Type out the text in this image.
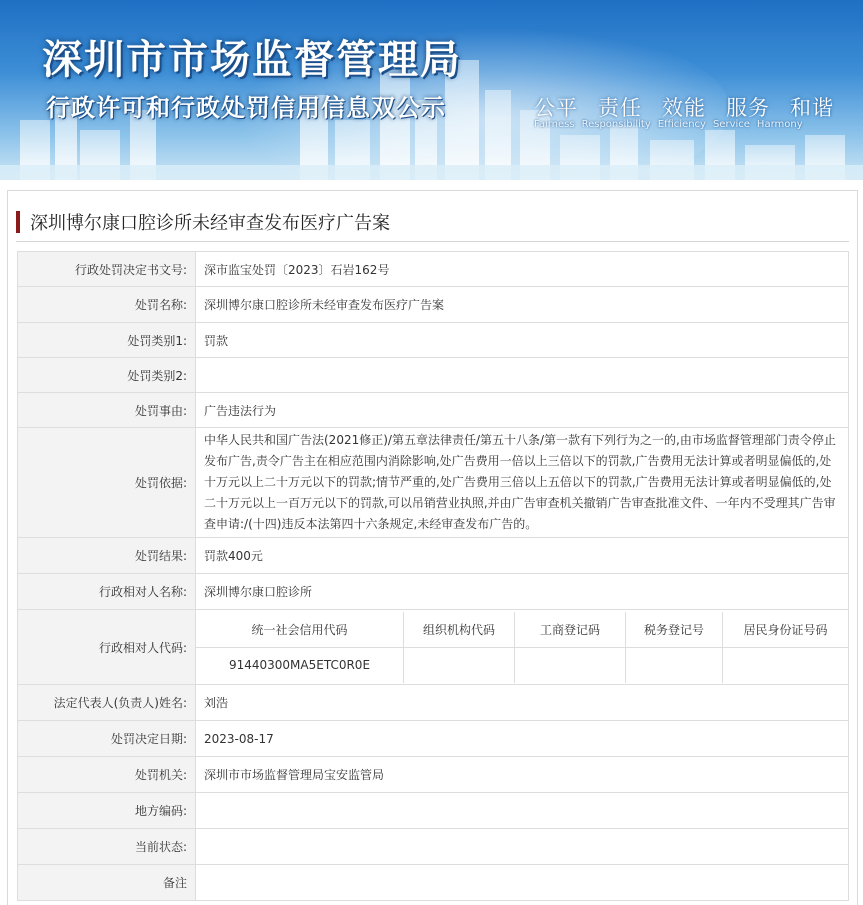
深圳市市场监督管理局
行政许可和行政处罚信用信息双公示	公平 责任 效能 服务 和谐
Fairness Responsibility Efficiency Service Harmony
深圳博尔康口腔诊所未经审查发布医疗广告案
行政处罚决定书文号:	深市监宝处罚〔2023〕石岩162号
处罚名称:	深圳博尔康口腔诊所未经审查发布医疗广告案
处罚类别1:	罚款
处罚类别2:	
处罚事由:	广告违法行为
处罚依据:	中华人民共和国广告法(2021修正)/第五章法律责任/第五十八条/第一款有下列行为之一的,由市场监督管理部门责令停止发布广告,责令广告主在相应范围内消除影响,处广告费用一倍以上三倍以下的罚款,广告费用无法计算或者明显偏低的,处十万元以上二十万元以下的罚款;情节严重的,处广告费用三倍以上五倍以下的罚款,广告费用无法计算或者明显偏低的,处二十万元以上一百万元以下的罚款,可以吊销营业执照,并由广告审查机关撤销广告审查批准文件、一年内不受理其广告审查申请:/(十四)违反本法第四十六条规定,未经审查发布广告的。
处罚结果:	罚款400元
行政相对人名称:	深圳博尔康口腔诊所
行政相对人代码:	
统一社会信用代码	组织机构代码	工商登记码	税务登记号	居民身份证号码
91440300MA5ETC0R0E				

法定代表人(负责人)姓名:	刘浩
处罚决定日期:	2023-08-17
处罚机关:	深圳市市场监督管理局宝安监管局
地方编码:	
当前状态:	
备注	
